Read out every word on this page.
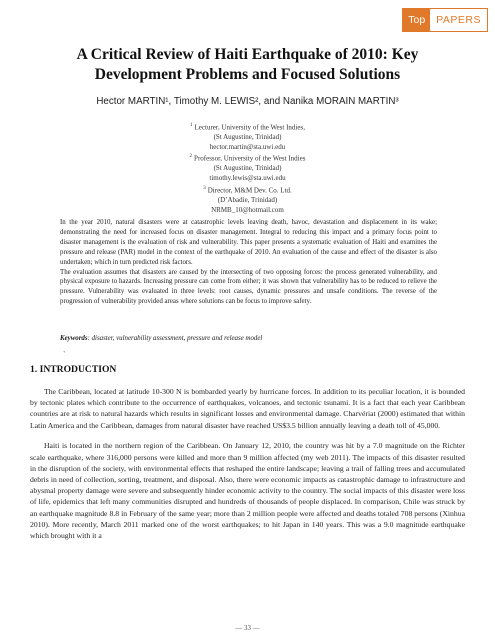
Top	PAPERS
A Critical Review of Haiti Earthquake of 2010: Key Development Problems and Focused Solutions
Hector MARTIN¹, Timothy M. LEWIS², and Nanika MORAIN MARTIN³
$^1$ Lecturer, University of the West Indies,
(St Augustine, Trinidad)
hector.martin@sta.uwi.edu
$^2$ Professor, University of the West Indies
(St Augustine, Trinidad)
timothy.lewis@sta.uwi.edu
$^3$ Director, M&M Dev. Co. Ltd.
(D’Abadie, Trinidad)
NRMB_10@hotmail.com

In the year 2010, natural disasters were at catastrophic levels leaving death, havoc, devastation and displacement in its wake; demonstrating the need for increased focus on disaster management. Integral to reducing this impact and a primary focus point to disaster management is the evaluation of risk and vulnerability. This paper presents a systematic evaluation of Haiti and examines the pressure and release (PAR) model in the context of the earthquake of 2010. An evaluation of the cause and effect of the disaster is also undertaken; which in turn predicted risk factors.

The evaluation assumes that disasters are caused by the intersecting of two opposing forces: the process generated vulnerability, and physical exposure to hazards. Increasing pressure can come from either; it was shown that vulnerability has to be reduced to relieve the pressure. Vulnerability was evaluated in three levels: root causes, dynamic pressures and unsafe conditions. The reverse of the progression of vulnerability provided areas where solutions can be focus to improve safety.

Keywords: disaster, vulnerability assessment, pressure and release model
`
1. INTRODUCTION

The Caribbean, located at latitude 10-300 N is bombarded yearly by hurricane forces. In addition to its peculiar location, it is bounded by tectonic plates which contribute to the occurrence of earthquakes, volcanoes, and tectonic tsunami. It is a fact that each year Caribbean countries are at risk to natural hazards which results in significant losses and environmental damage. Charvériat (2000) estimated that within Latin America and the Caribbean, damages from natural disaster have reached US$3.5 billion annually leaving a death toll of 45,000.

Haiti is located in the northern region of the Caribbean. On January 12, 2010, the country was hit by a 7.0 magnitude on the Richter scale earthquake, where 316,000 persons were killed and more than 9 million affected (my web 2011). The impacts of this disaster resulted in the disruption of the society, with environmental effects that reshaped the entire landscape; leaving a trail of falling trees and accumulated debris in need of collection, sorting, treatment, and disposal. Also, there were economic impacts as catastrophic damage to infrastructure and abysmal property damage were severe and subsequently hinder economic activity to the country. The social impacts of this disaster were loss of life, epidemics that left many communities disrupted and hundreds of thousands of people displaced. In comparison, Chile was struck by an earthquake magnitude 8.8 in February of the same year; more than 2 million people were affected and deaths totaled 708 persons (Xinhua 2010). More recently, March 2011 marked one of the worst earthquakes; to hit Japan in 140 years. This was a 9.0 magnitude earthquake which brought with it a

— 33 —
